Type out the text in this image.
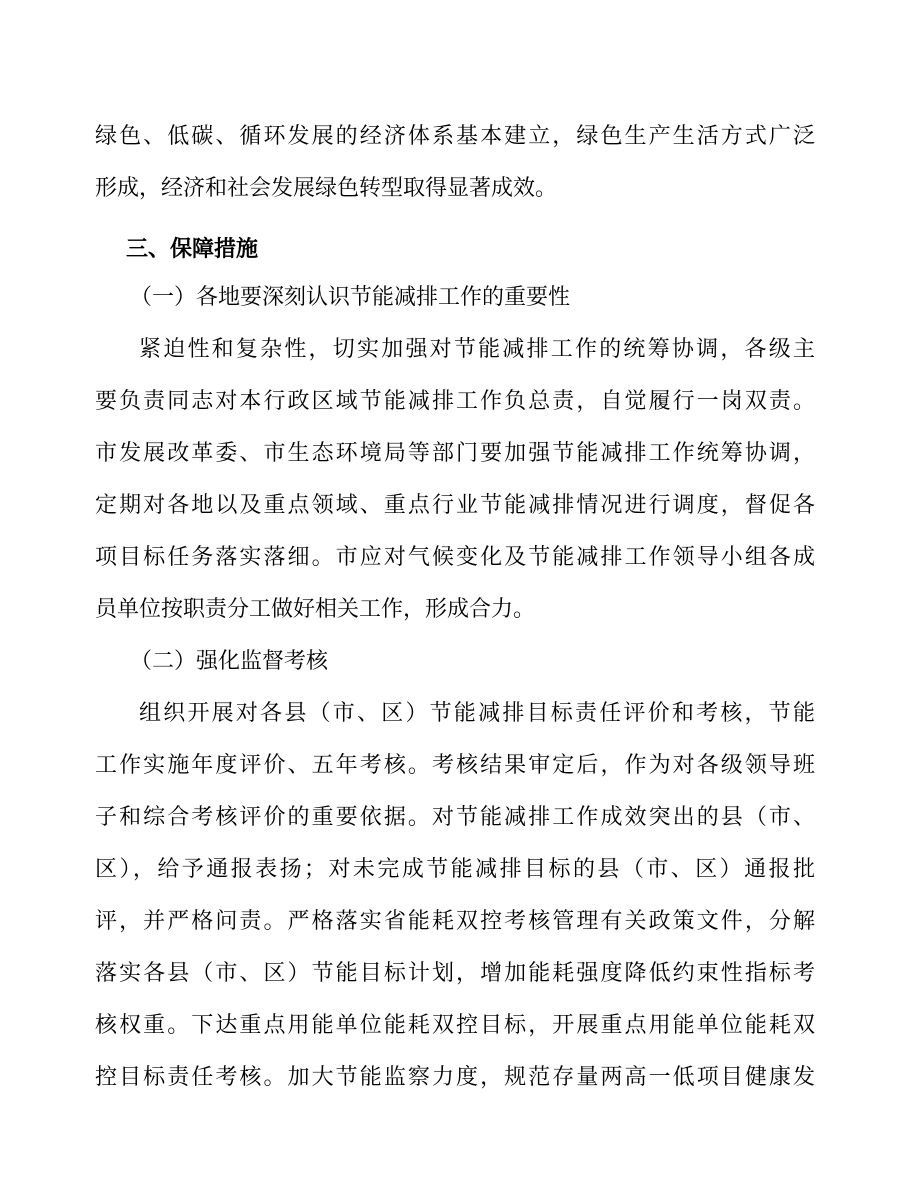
绿色、低碳、循环发展的经济体系基本建立，绿色生产生活方式广泛
形成，经济和社会发展绿色转型取得显著成效。
三、保障措施
（一）各地要深刻认识节能减排工作的重要性
紧迫性和复杂性，切实加强对节能减排工作的统筹协调，各级主
要负责同志对本行政区域节能减排工作负总责，自觉履行一岗双责。
市发展改革委、市生态环境局等部门要加强节能减排工作统筹协调，
定期对各地以及重点领域、重点行业节能减排情况进行调度，督促各
项目标任务落实落细。市应对气候变化及节能减排工作领导小组各成
员单位按职责分工做好相关工作，形成合力。
（二）强化监督考核
组织开展对各县（市、区）节能减排目标责任评价和考核，节能
工作实施年度评价、五年考核。考核结果审定后，作为对各级领导班
子和综合考核评价的重要依据。对节能减排工作成效突出的县（市、
区），给予通报表扬；对未完成节能减排目标的县（市、区）通报批
评，并严格问责。严格落实省能耗双控考核管理有关政策文件，分解
落实各县（市、区）节能目标计划，增加能耗强度降低约束性指标考
核权重。下达重点用能单位能耗双控目标，开展重点用能单位能耗双
控目标责任考核。加大节能监察力度，规范存量两高一低项目健康发
